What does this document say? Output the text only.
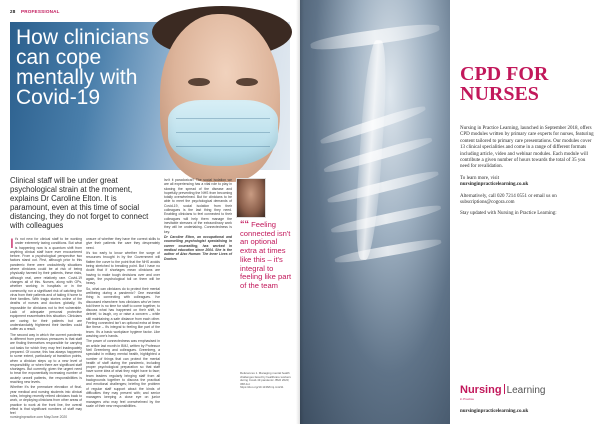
28 PROFESSIONAL
How clinicians can cope mentally with Covid-19
Clinical staff will be under great psychological strain at the moment, explains Dr Caroline Elton. It is paramount, even at this time of social distancing, they do not forget to connect with colleagues	““ Feeling connected isn't an optional extra at times like this – it's integral to feeling like part of the team

It's not new for clinical staff to be working under extremely taxing conditions. But what is happening now is a quantum shift from anything clinical staff have ever encountered before. From a psychological perspective two factors stand out. First, although prior to this pandemic there were undoubtedly situations where clinicians could be at risk of being physically harmed by their patients, these risks, although real, were relatively rare. Covid-19 changes all of this. Nurses, along with GPs, whether working in hospitals or in the community, run a significant risk of catching the virus from their patients and of taking it home to their families. With tragic stories online of the deaths of nurses and doctors globally, it's impossible for clinicians not to feel vulnerable. Lack of adequate personal protective equipment exacerbates this situation. Clinicians are caring for their patients but are understandably frightened their families could suffer as a result.

The second way in which the current pandemic is different from previous pressures is that staff are finding themselves responsible for carrying out tasks for which they may feel inadequately prepared. Of course, this has always happened to some extent, particularly at transition points, when a clinician steps up to a new level of responsibility, or when there are significant staff shortages. But currently, given the urgent need to treat the exponentially increasing number of acutely unwell patients, the responsibilities is reaching new levels.

Whether it's the premature elevation of final-year medical and nursing students into clinical roles, bringing recently retired clinicians back to work, or deploying clinicians from other areas of practice to work at the front line, the overall effect is that significant numbers of staff may feel

unsure of whether they have the correct skills to give their patients the care they desperately need.

It's too early to know whether the surge of resources brought in by the Government will flatten the curve to the point that the NHS avoids being stretched to breaking point. But I have no doubt that if shortages mean clinicians are having to make tough decisions over and over again, the psychological toll on them will be heavy.

So, what can clinicians do to protect their mental wellbeing during a pandemic? One essential thing is connecting with colleagues. I've discussed elsewhere how clinicians who've been told there is no time for staff to come together, to discuss what has happened on their shift, to debrief, to laugh, cry or raise a concern – while still maintaining a safe distance from each other. Feeling connected isn't an optional extra at times like these – it's integral to feeling like part of the team. It's a basic workplace hygiene factor. Like washing one's hands.

The power of connectedness was emphasised in an article last month in BMJ, written by Professor Neil Greenberg and colleagues. Greenberg, a specialist in military mental health, highlighted a number of things that can protect the mental health of staff during the pandemic, including proper psychological preparation so that staff have some idea of what they might have to face; team leaders regularly bringing staff from all backgrounds together to discuss the practical and emotional challenges; briefing the problem of regular staff support about the kinds of difficulties they may present with; and senior managers keeping a close eye on junior managers who may feel overwhelmed by the scale of their new responsibilities.

Isn't it paradoxical? The social isolation we are all experiencing has a vital role to play in slowing the spread of the disease and hopefully preventing the NHS from becoming totally overwhelmed. But for clinicians to be able to meet the psychological demands of Covid-19, social isolation from their colleagues is the last thing they need. Enabling clinicians to feel connected to their colleagues will help them manage the inevitable stresses of the extraordinary work they will be undertaking. Connectedness is key.

Dr Caroline Elton, an occupational and counselling psychologist specialising in career counselling, has worked in medical education since 2004. She is the author of Also Human: The Inner Lives of Doctors

References 1. Managing mental health challenges faced by healthcare workers during Covid-19 pandemic. BMJ 2020; 368 doi: https://doi.org/10.1136/bmj.m1211
nursinginpractice.com May/June 2020
CPD FOR NURSES

Nursing in Practice Learning, launched in September 2018, offers CPD modules written by primary care experts for nurses, featuring content tailored to primary care presentations. Our modules cover 13 clinical specialities and come in a range of different formats including article, video and webinar modules. Each module will contribute a given number of hours towards the total of 35 you need for revalidation.

To learn more, visit
nursinginpracticelearning.co.uk

Alternatively, call 020 7214 0551 or email us on subscriptions@cogora.com

Stay updated with Nursing in Practice Learning:

Nursing Learning
in Practice
nursinginpracticelearning.co.uk
